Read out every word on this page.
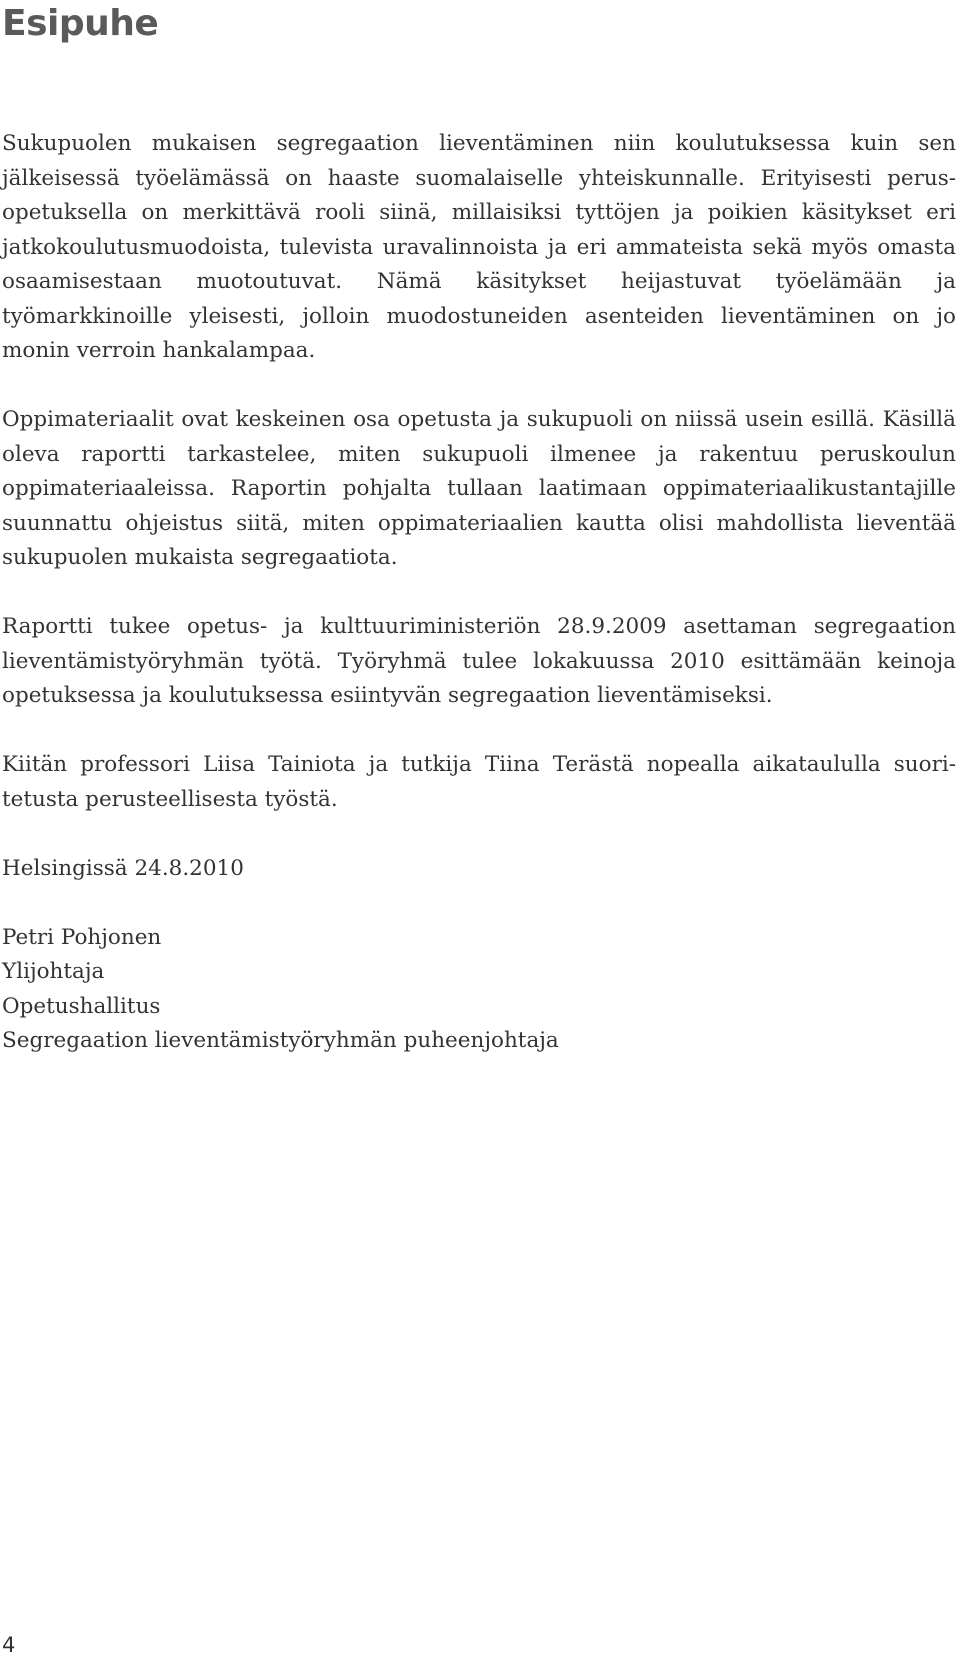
Esipuhe

Sukupuolen mukaisen segregaation lieventäminen niin koulutuksessa kuin sen jälkeisessä työelämässä on haaste suomalaiselle yhteiskunnalle. Erityisesti perusopetuksella on merkittävä rooli siinä, millaisiksi tyttöjen ja poikien käsitykset eri jatkokoulutusmuodoista, tulevista uravalinnoista ja eri ammateista sekä myös omasta osaamisestaan muotoutuvat. Nämä käsitykset heijastuvat työelämään ja työmarkkinoille yleisesti, jolloin muodostuneiden asenteiden lieventäminen on jo monin verroin hankalampaa.

Oppimateriaalit ovat keskeinen osa opetusta ja sukupuoli on niissä usein esillä. Käsillä oleva raportti tarkastelee, miten sukupuoli ilmenee ja rakentuu peruskoulun oppimateriaaleissa. Raportin pohjalta tullaan laatimaan oppimateriaalikustantajille suunnattu ohjeistus siitä, miten oppimateriaalien kautta olisi mahdollista lieventää sukupuolen mukaista segregaatiota.

Raportti tukee opetus- ja kulttuuriministeriön 28.9.2009 asettaman segregaation lieventämistyöryhmän työtä. Työryhmä tulee lokakuussa 2010 esittämään keinoja opetuksessa ja koulutuksessa esiintyvän segregaation lieventämiseksi.

Kiitän professori Liisa Tainiota ja tutkija Tiina Terästä nopealla aikataululla suoritetusta perusteellisesta työstä.

Helsingissä 24.8.2010
Petri Pohjonen
Ylijohtaja
Opetushallitus
Segregaation lieventämistyöryhmän puheenjohtaja
4
